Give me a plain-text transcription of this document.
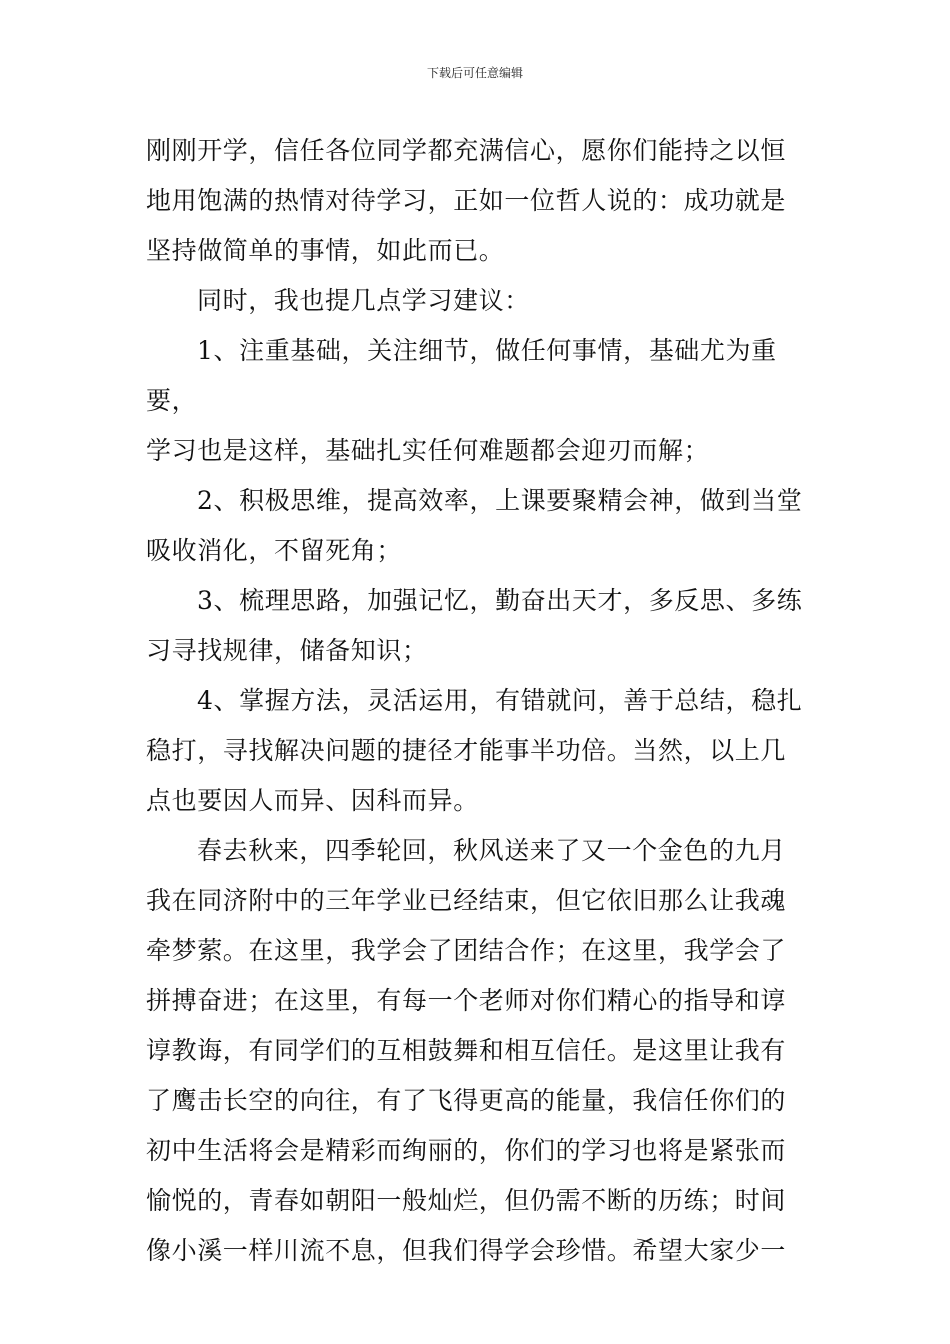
下载后可任意编辑

刚刚开学，信任各位同学都充满信心，愿你们能持之以恒
地用饱满的热情对待学习，正如一位哲人说的：成功就是
坚持做简单的事情，如此而已。

同时，我也提几点学习建议：

1、注重基础，关注细节，做任何事情，基础尤为重要，
学习也是这样，基础扎实任何难题都会迎刃而解；

2、积极思维，提高效率，上课要聚精会神，做到当堂
吸收消化，不留死角；

3、梳理思路，加强记忆，勤奋出天才，多反思、多练
习寻找规律，储备知识；

4、掌握方法，灵活运用，有错就问，善于总结，稳扎
稳打，寻找解决问题的捷径才能事半功倍。当然，以上几
点也要因人而异、因科而异。

春去秋来，四季轮回，秋风送来了又一个金色的九月
我在同济附中的三年学业已经结束，但它依旧那么让我魂
牵梦萦。在这里，我学会了团结合作；在这里，我学会了
拼搏奋进；在这里，有每一个老师对你们精心的指导和谆
谆教诲，有同学们的互相鼓舞和相互信任。是这里让我有
了鹰击长空的向往，有了飞得更高的能量，我信任你们的
初中生活将会是精彩而绚丽的，你们的学习也将是紧张而
愉悦的，青春如朝阳一般灿烂，但仍需不断的历练；时间
像小溪一样川流不息，但我们得学会珍惜。希望大家少一
